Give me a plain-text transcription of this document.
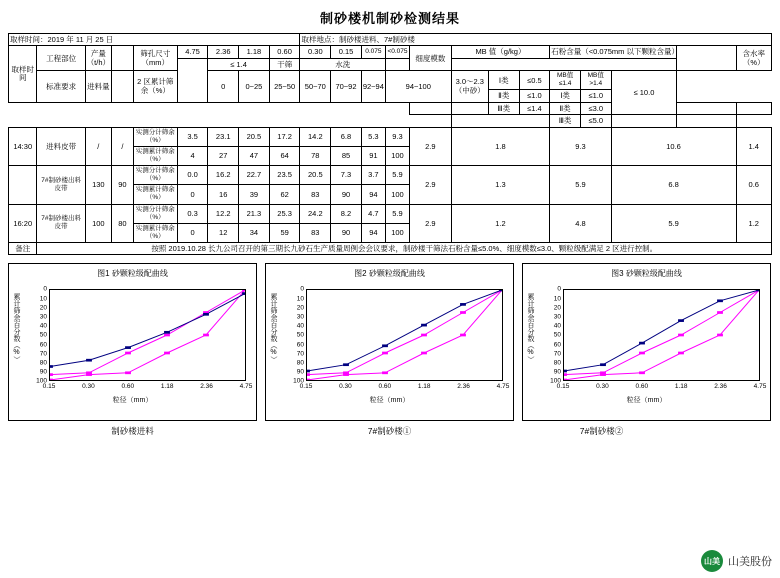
制砂楼机制砂检测结果
取样时间：2019 年 11 月 25 日									取样地点：制砂楼进料、7#制砂楼												
取样时间	工程部位	产量（t/h）		筛孔尺寸（mm）	4.75	2.36	1.18	0.60	0.30	0.15	0.075	<0.075	细度模数	MB 值（g/kg）			石粉含量（<0.075mm 以下颗粒含量）				含水率（%）
						≤ 1.4		干筛	水洗												
	标准要求	进料量		2 区累计筛余（%）		0	0~25	25~50	50~70	70~92	92~94	94~100		3.0～2.3（中砂）	Ⅰ类	≤0.5	MB值≤1.4	MB值>1.4	≤ 10.0		
															Ⅱ类	≤1.0	Ⅰ类	≤1.0			
															Ⅲ类	≤1.4	Ⅱ类	≤3.0			
																	Ⅲ类	≤5.0			
14:30	进料皮带	/	/	实测分计筛余（%）	3.5	23.1	20.5	17.2	14.2	6.8	5.3	9.3	2.9	1.8			9.3		10.6		1.4
				实测累计筛余（%）	4	27	47	64	78	85	91	100									
	7#制砂楼出料皮带	130	90	实测分计筛余（%）	0.0	16.2	22.7	23.5	20.5	7.3	3.7	5.9	2.9	1.3			5.9		6.8		0.6
				实测累计筛余（%）	0	16	39	62	83	90	94	100									
16:20	7#制砂楼出料皮带	100	80	实测分计筛余（%）	0.3	12.2	21.3	25.3	24.2	8.2	4.7	5.9	2.9	1.2			4.8		5.9		1.2
				实测累计筛余（%）	0	12	34	59	83	90	94	100									
备注	按照 2019.10.28 长九公司召开的第三期长九砂石生产质量周例会会议要求，制砂楼干筛法石粉含量≤5.0%、细度模数≤3.0、颗粒级配满足 2 区进行控制。																				
图1 砂颗粒级配曲线
累计筛余百分数（%）
0
10
20
30
40
50
60
70
80
90
100
0.15	0.30	0.60	1.18	2.36	4.75
粒径（mm）
图2 砂颗粒级配曲线
累计筛余百分数（%）
0
10
20
30
40
50
60
70
80
90
100
0.15	0.30	0.60	1.18	2.36	4.75
粒径（mm）
图3 砂颗粒级配曲线
累计筛余百分数（%）
0
10
20
30
40
50
60
70
80
90
100
0.15	0.30	0.60	1.18	2.36	4.75
粒径（mm）
制砂楼进料	7#制砂楼①	7#制砂楼②
山美 山美股份
